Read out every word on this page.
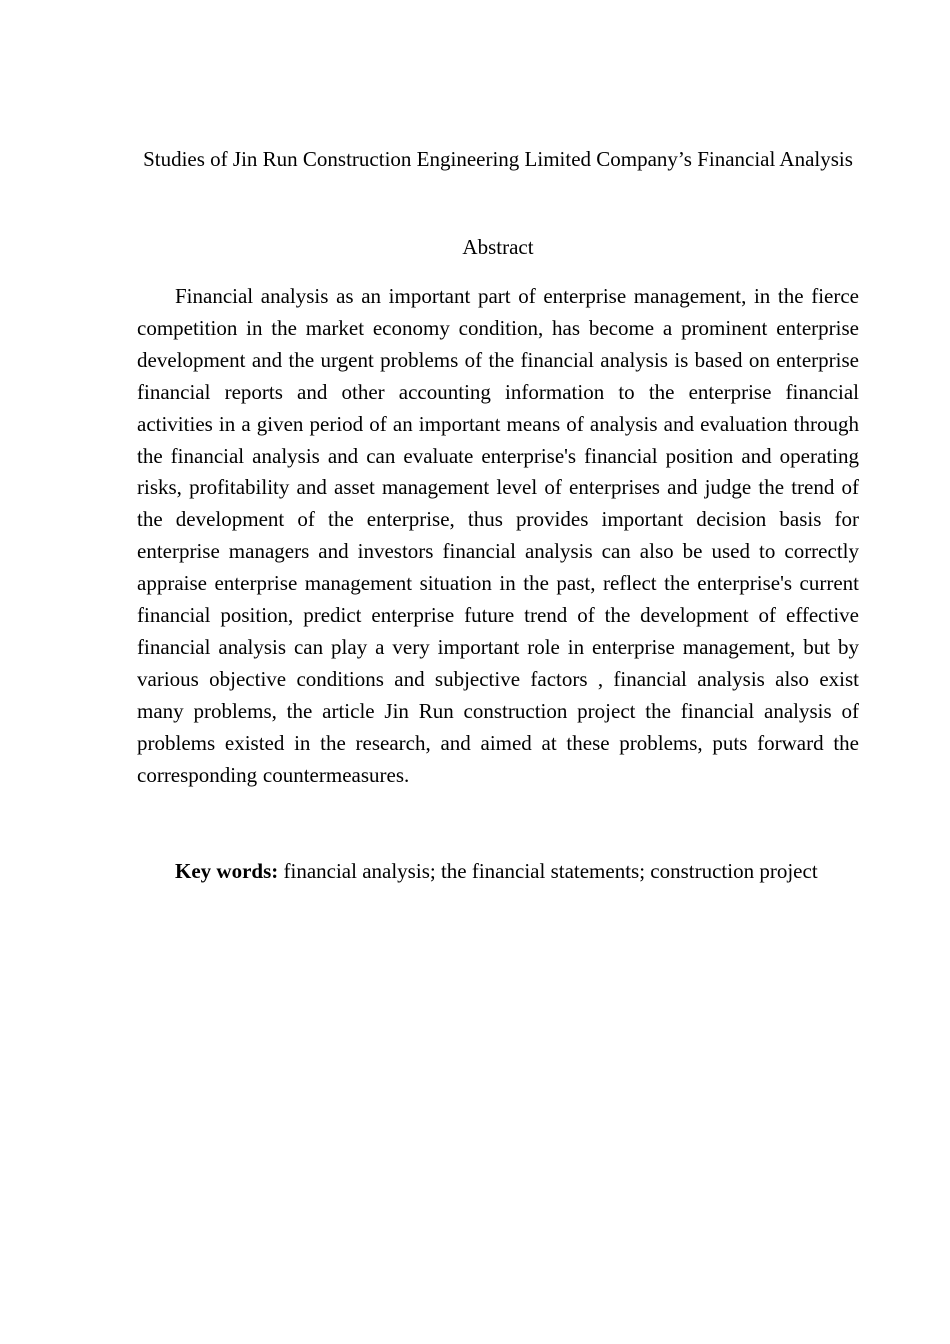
Studies of Jin Run Construction Engineering Limited Company’s Financial Analysis
Abstract

Financial analysis as an important part of enterprise management, in the fierce competition in the market economy condition, has become a prominent enterprise development and the urgent problems of the financial analysis is based on enterprise financial reports and other accounting information to the enterprise financial activities in a given period of an important means of analysis and evaluation through the financial analysis and can evaluate enterprise's financial position and operating risks, profitability and asset management level of enterprises and judge the trend of the development of the enterprise, thus provides important decision basis for enterprise managers and investors financial analysis can also be used to correctly appraise enterprise management situation in the past, reflect the enterprise's current financial position, predict enterprise future trend of the development of effective financial analysis can play a very important role in enterprise management, but by various objective conditions and subjective factors , financial analysis also exist many problems, the article Jin Run construction project the financial analysis of problems existed in the research, and aimed at these problems, puts forward the corresponding countermeasures.

Key words: financial analysis; the financial statements; construction project
